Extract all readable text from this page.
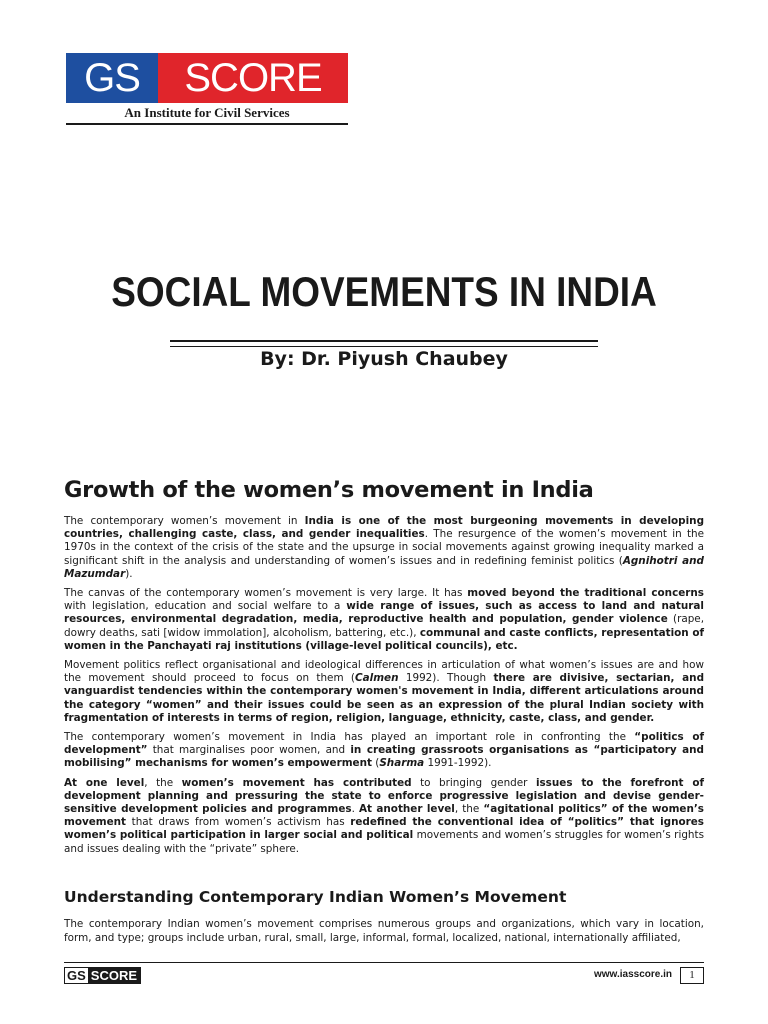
GS	SCORE
An Institute for Civil Services
SOCIAL MOVEMENTS IN INDIA
By: Dr. Piyush Chaubey
Growth of the women’s movement in India

The contemporary women’s movement in India is one of the most burgeoning movements in developing countries, challenging caste, class, and gender inequalities. The resurgence of the women’s movement in the 1970s in the context of the crisis of the state and the upsurge in social movements against growing inequality marked a significant shift in the analysis and understanding of women’s issues and in redefining feminist politics (Agnihotri and Mazumdar).

The canvas of the contemporary women’s movement is very large. It has moved beyond the traditional concerns with legislation, education and social welfare to a wide range of issues, such as access to land and natural resources, environmental degradation, media, reproductive health and population, gender violence (rape, dowry deaths, sati [widow immolation], alcoholism, battering, etc.), communal and caste conflicts, representation of women in the Panchayati raj institutions (village-level political councils), etc.

Movement politics reflect organisational and ideological differences in articulation of what women’s issues are and how the movement should proceed to focus on them (Calmen 1992). Though there are divisive, sectarian, and vanguardist tendencies within the contemporary women's movement in India, different articulations around the category “women” and their issues could be seen as an expression of the plural Indian society with fragmentation of interests in terms of region, religion, language, ethnicity, caste, class, and gender.

The contemporary women’s movement in India has played an important role in confronting the “politics of development” that marginalises poor women, and in creating grassroots organisations as “participatory and mobilising” mechanisms for women’s empowerment (Sharma 1991-1992).

At one level, the women’s movement has contributed to bringing gender issues to the forefront of development planning and pressuring the state to enforce progressive legislation and devise gender-sensitive development policies and programmes. At another level, the “agitational politics” of the women’s movement that draws from women’s activism has redefined the conventional idea of “politics” that ignores women’s political participation in larger social and political movements and women’s struggles for women’s rights and issues dealing with the “private” sphere.

Understanding Contemporary Indian Women’s Movement
The contemporary Indian women’s movement comprises numerous groups and organizations, which vary in location, form, and type; groups include urban, rural, small, large, informal, formal, localized, national, internationally affiliated,
GS SCORE	www.iasscore.in	1
